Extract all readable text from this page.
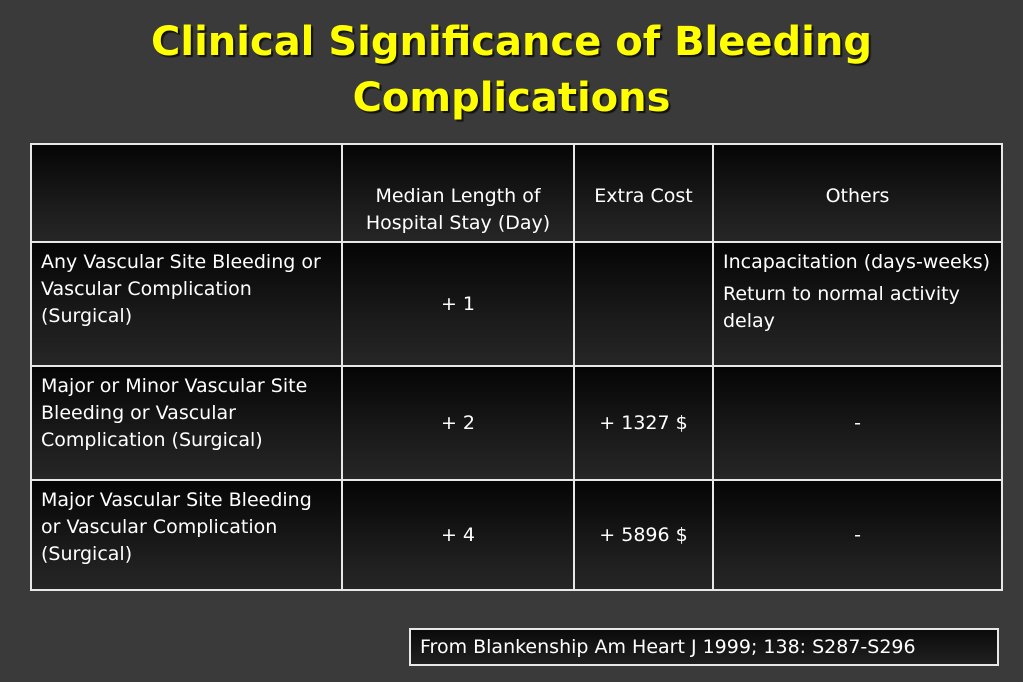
Clinical Significance of Bleeding
Complications
	Median Length of Hospital Stay (Day)	Extra Cost	Others
Any Vascular Site Bleeding or Vascular Complication (Surgical)	+ 1		Incapacitation (days-weeks)

Return to normal activity delay

Major or Minor Vascular Site Bleeding or Vascular Complication (Surgical)	+ 2	+ 1327 $	-
Major Vascular Site Bleeding or Vascular Complication (Surgical)	+ 4	+ 5896 $	-
From Blankenship Am Heart J 1999; 138: S287-S296
